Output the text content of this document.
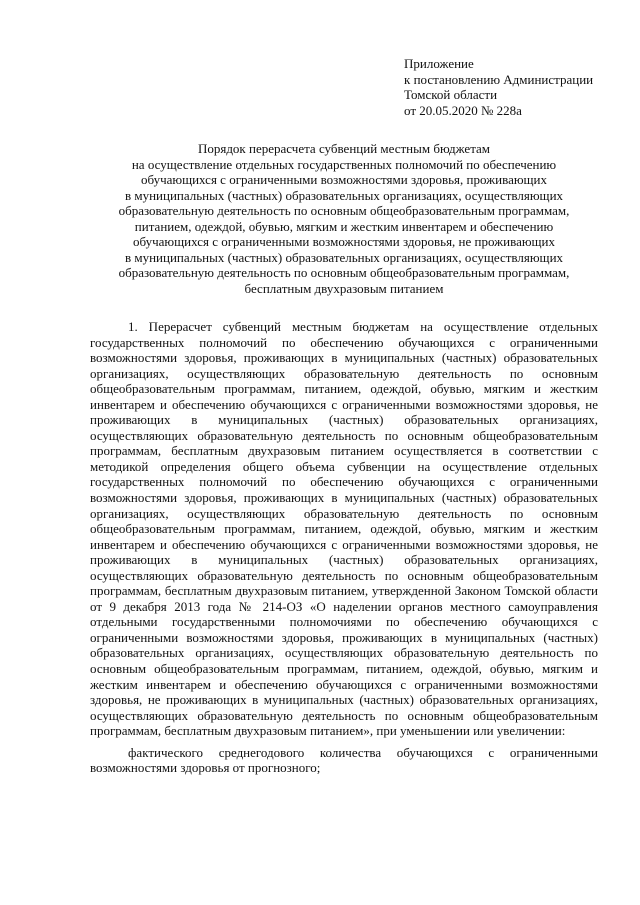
Приложение
к постановлению Администрации
Томской области
от 20.05.2020 № 228а
Порядок перерасчета субвенций местным бюджетам
на осуществление отдельных государственных полномочий по обеспечению
обучающихся с ограниченными возможностями здоровья, проживающих
в муниципальных (частных) образовательных организациях, осуществляющих
образовательную деятельность по основным общеобразовательным программам,
питанием, одеждой, обувью, мягким и жестким инвентарем и обеспечению
обучающихся с ограниченными возможностями здоровья, не проживающих
в муниципальных (частных) образовательных организациях, осуществляющих
образовательную деятельность по основным общеобразовательным программам,
бесплатным двухразовым питанием

1. Перерасчет субвенций местным бюджетам на осуществление отдельных государственных полномочий по обеспечению обучающихся с ограниченными возможностями здоровья, проживающих в муниципальных (частных) образовательных организациях, осуществляющих образовательную деятельность по основным общеобразовательным программам, питанием, одеждой, обувью, мягким и жестким инвентарем и обеспечению обучающихся с ограниченными возможностями здоровья, не проживающих в муниципальных (частных) образовательных организациях, осуществляющих образовательную деятельность по основным общеобразовательным программам, бесплатным двухразовым питанием осуществляется в соответствии с методикой определения общего объема субвенции на осуществление отдельных государственных полномочий по обеспечению обучающихся с ограниченными возможностями здоровья, проживающих в муниципальных (частных) образовательных организациях, осуществляющих образовательную деятельность по основным общеобразовательным программам, питанием, одеждой, обувью, мягким и жестким инвентарем и обеспечению обучающихся с ограниченными возможностями здоровья, не проживающих в муниципальных (частных) образовательных организациях, осуществляющих образовательную деятельность по основным общеобразовательным программам, бесплатным двухразовым питанием, утвержденной Законом Томской области от 9 декабря 2013 года № 214-ОЗ «О наделении органов местного самоуправления отдельными государственными полномочиями по обеспечению обучающихся с ограниченными возможностями здоровья, проживающих в муниципальных (частных) образовательных организациях, осуществляющих образовательную деятельность по основным общеобразовательным программам, питанием, одеждой, обувью, мягким и жестким инвентарем и обеспечению обучающихся с ограниченными возможностями здоровья, не проживающих в муниципальных (частных) образовательных организациях, осуществляющих образовательную деятельность по основным общеобразовательным программам, бесплатным двухразовым питанием», при уменьшении или увеличении:

фактического среднегодового количества обучающихся с ограниченными возможностями здоровья от прогнозного;
